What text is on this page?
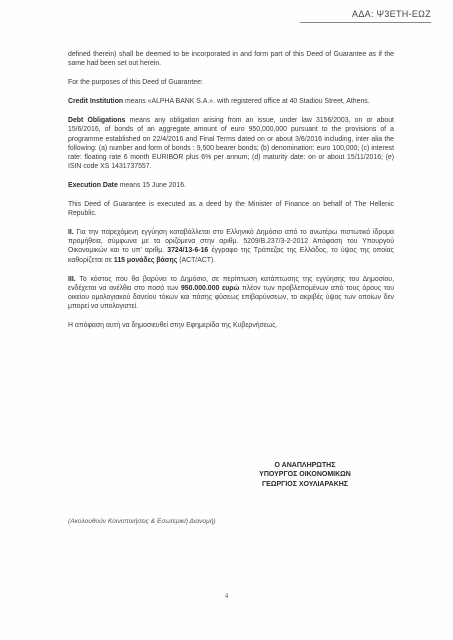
ΑΔΑ: Ψ3ΕΤΗ-ΕΩΖ

defined therein) shall be deemed to be incorporated in and form part of this Deed of Guarantee as if the same had been set out herein.

For the purposes of this Deed of Guarantee:

Credit Institution means «ALPHA BANK S.A.». with registered office at 40 Stadiou Street, Athens.

Debt Obligations means any obligation arising from an issue, under law 3156/2003, on or about 15/6/2016, of bonds of an aggregate amount of euro 950,000,000 pursuant to the provisions of a programme established on 22/4/2016 and Final Terms dated on or about 3/6/2016 including, inter alia the following: (a) number and form of bonds : 9,500 bearer bonds; (b) denomination: euro 100,000; (c) interest rate: floating rate 6 month EURIBOR plus 6% per annum; (d) maturity date: on or about 15/11/2016; (e) ISIN code XS 1431737557.

Execution Date means 15 June 2016.

This Deed of Guarantee is executed as a deed by the Minister of Finance on behalf of The Hellenic Republic.

II. Για την παρεχόμενη εγγύηση καταβάλλεται στο Ελληνικό Δημόσιο από το ανωτέρω πιστωτικό ίδρυμα προμήθεια, σύμφωνα με τα οριζόμενα στην αριθμ. 5209/Β.237/3-2-2012 Απόφαση του Υπουργού Οικονομικών και το υπ' αριθμ. 3724/13-6-16 έγγραφο της Τράπεζας της Ελλάδος, το ύψος της οποίας καθορίζεται σε 115 μονάδες βάσης (ACT/ACT).

III. Το κόστος που θα βαρύνει το Δημόσιο, σε περίπτωση κατάπτωσης της εγγύησης του Δημοσίου, ενδέχεται να ανέλθει στο ποσό των 950.000.000 ευρώ πλέον των προβλεπομένων από τους όρους του οικείου ομολογιακού δανείου τόκων και πάσης φύσεως επιβαρύνσεων, το ακριβές ύψος των οποίων δεν μπορεί να υπολογιστεί.

Η απόφαση αυτή να δημοσιευθεί στην Εφημερίδα της Κυβερνήσεως.

Ο ΑΝΑΠΛΗΡΩΤΗΣ
ΥΠΟΥΡΓΟΣ ΟΙΚΟΝΟΜΙΚΩΝ
ΓΕΩΡΓΙΟΣ ΧΟΥΛΙΑΡΑΚΗΣ
(Ακολουθούν Κοινοποιήσεις & Εσωτερική Διανομή)
4
